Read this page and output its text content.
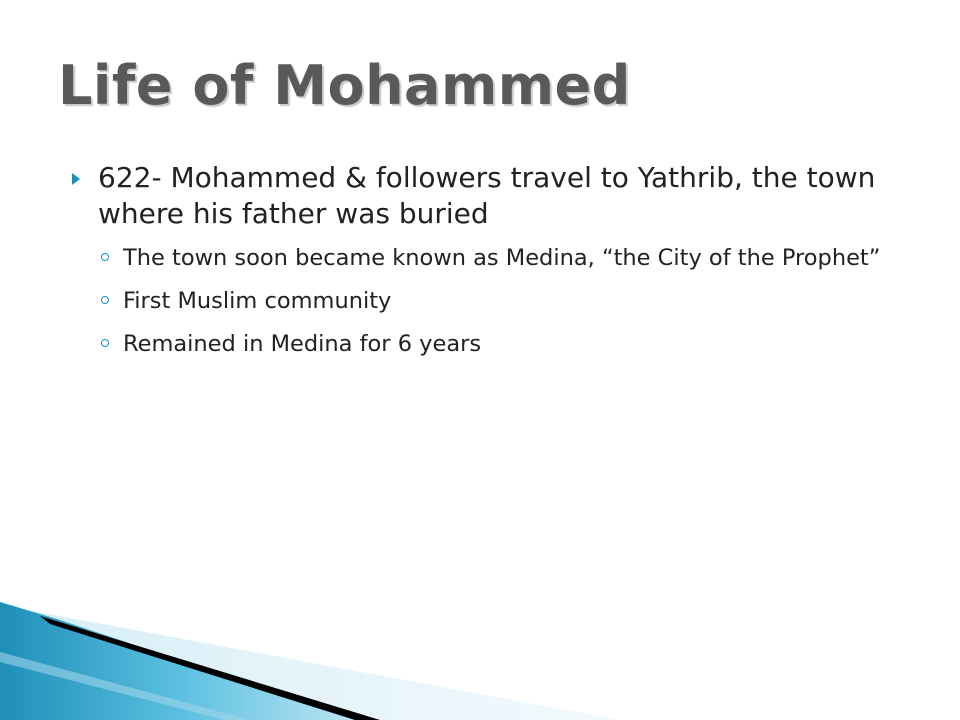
Life of Mohammed
622- Mohammed & followers travel to Yathrib, the town where his father was buried
The town soon became known as Medina, “the City of the Prophet”
First Muslim community
Remained in Medina for 6 years
